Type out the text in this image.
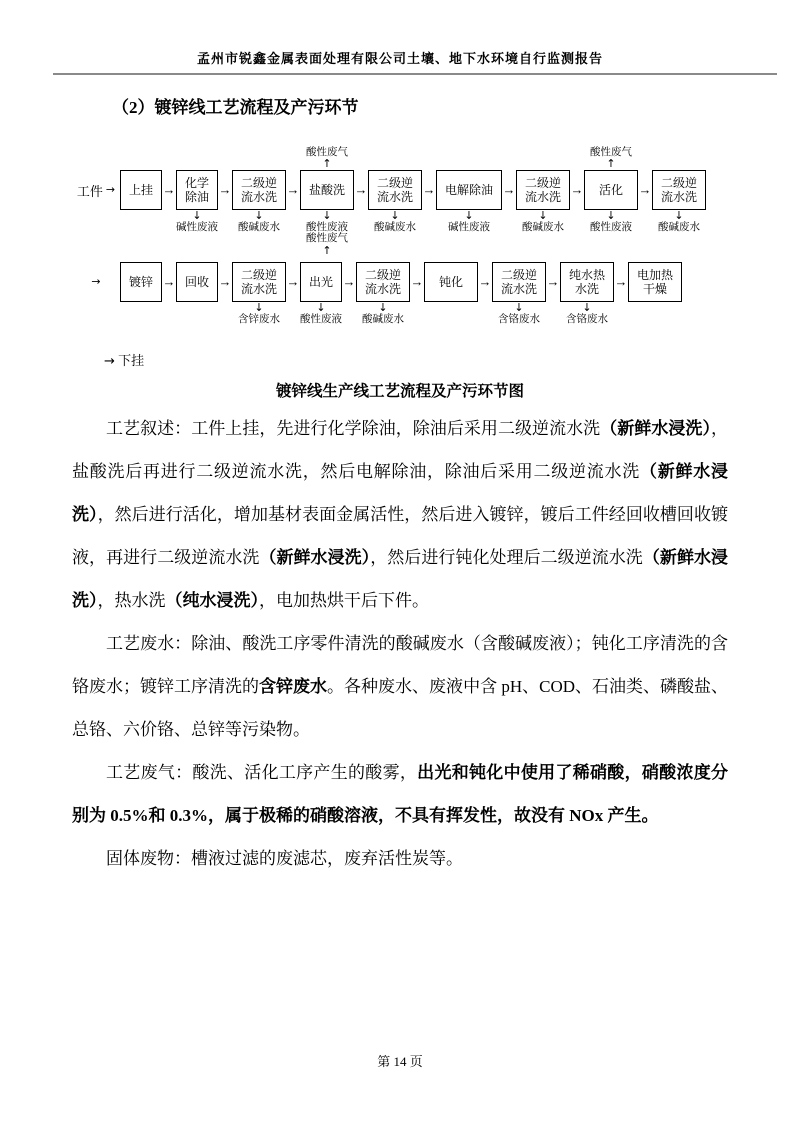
孟州市锐鑫金属表面处理有限公司土壤、地下水环境自行监测报告
（2）镀锌线工艺流程及产污环节
工件 → 上挂 → 化学
除油
↓
碱性废液
→ 二级逆
流水洗
↓
酸碱废水
→
酸性废气
↑
盐酸洗
↓
酸性废液
酸性废气
↑
→ 二级逆
流水洗
↓
酸碱废水
→ 电解除油
↓
碱性废液
→ 二级逆
流水洗
↓
酸碱废水
→
酸性废气
↑
活化
↓
酸性废液
→ 二级逆
流水洗
↓
酸碱废水
→ 镀锌 → 回收 → 二级逆
流水洗
↓
含锌废水
→ 出光
↓
酸性废液
→ 二级逆
流水洗
↓
酸碱废水
→ 钝化 → 二级逆
流水洗
↓
含铬废水
→ 纯水热
水洗
↓
含铬废水
→ 电加热
干燥
→ 下挂
镀锌线生产线工艺流程及产污环节图

工艺叙述：工件上挂，先进行化学除油，除油后采用二级逆流水洗（新鲜水浸洗），盐酸洗后再进行二级逆流水洗，然后电解除油，除油后采用二级逆流水洗（新鲜水浸洗），然后进行活化，增加基材表面金属活性，然后进入镀锌，镀后工件经回收槽回收镀液，再进行二级逆流水洗（新鲜水浸洗），然后进行钝化处理后二级逆流水洗（新鲜水浸洗），热水洗（纯水浸洗），电加热烘干后下件。

工艺废水：除油、酸洗工序零件清洗的酸碱废水（含酸碱废液）；钝化工序清洗的含铬废水；镀锌工序清洗的含锌废水。各种废水、废液中含 pH、COD、石油类、磷酸盐、总铬、六价铬、总锌等污染物。

工艺废气：酸洗、活化工序产生的酸雾，出光和钝化中使用了稀硝酸，硝酸浓度分别为 0.5%和 0.3%，属于极稀的硝酸溶液，不具有挥发性，故没有 NOx 产生。

固体废物：槽液过滤的废滤芯，废弃活性炭等。

第 14 页
